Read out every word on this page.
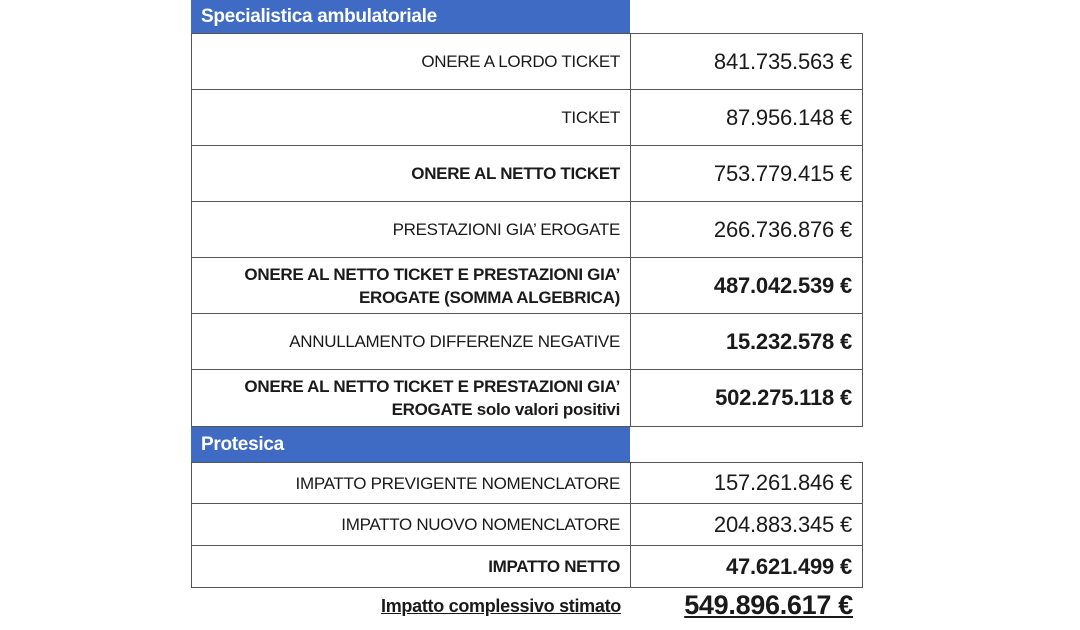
Specialistica ambulatoriale
ONERE A LORDO TICKET	841.735.563 €
TICKET	87.956.148 €
ONERE AL NETTO TICKET	753.779.415 €
PRESTAZIONI GIA’ EROGATE	266.736.876 €
ONERE AL NETTO TICKET E PRESTAZIONI GIA’
EROGATE (SOMMA ALGEBRICA)	487.042.539 €
ANNULLAMENTO DIFFERENZE NEGATIVE	15.232.578 €
ONERE AL NETTO TICKET E PRESTAZIONI GIA’
EROGATE solo valori positivi	502.275.118 €
Protesica
IMPATTO PREVIGENTE NOMENCLATORE	157.261.846 €
IMPATTO NUOVO NOMENCLATORE	204.883.345 €
IMPATTO NETTO	47.621.499 €
Impatto complessivo stimato	549.896.617 €
